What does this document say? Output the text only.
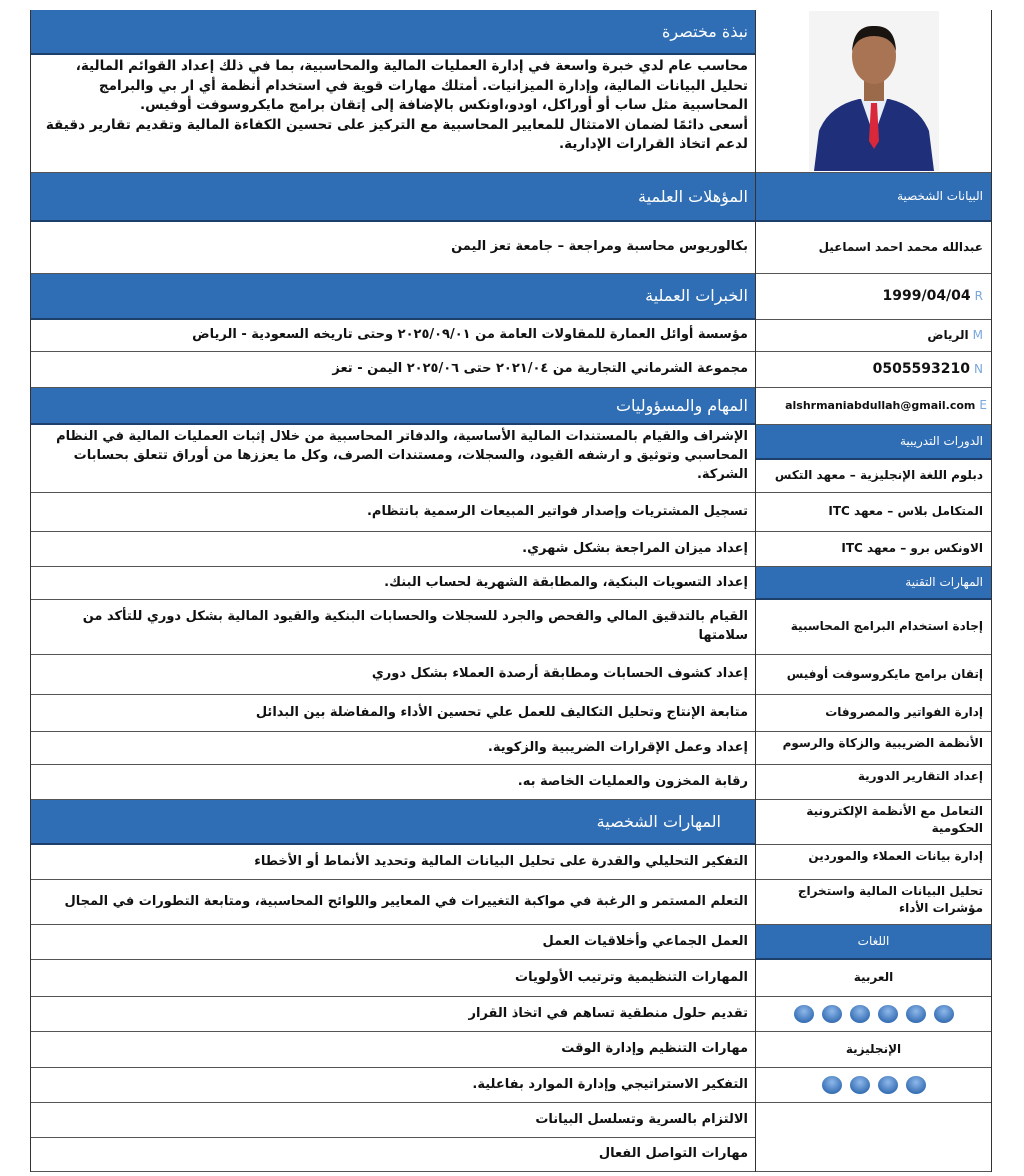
نبذة مختصرة
محاسب عام لدي خبرة واسعة في إدارة العمليات المالية والمحاسبية، بما في ذلك إعداد القوائم المالية، تحليل البيانات المالية، وإدارة الميزانيات. أمتلك مهارات قوية في استخدام أنظمة أي ار بي والبرامج المحاسبية مثل ساب أو أوراكل، اودو،اونكس بالإضافة إلى إتقان برامج مايكروسوفت أوفيس.
أسعى دائمًا لضمان الامتثال للمعايير المحاسبية مع التركيز على تحسين الكفاءة المالية وتقديم تقارير دقيقة لدعم اتخاذ القرارات الإدارية.
المؤهلات العلمية
بكالوريوس محاسبة ومراجعة – جامعة تعز اليمن
الخبرات العملية
مؤسسة أوائل العمارة للمقاولات العامة من ٢٠٢٥/٠٩/٠١ وحتى تاريخه السعودية - الرياض
مجموعة الشرماني التجارية من ٢٠٢١/٠٤ حتى ٢٠٢٥/٠٦ اليمن - تعز
المهام والمسؤوليات
الإشراف والقيام بالمستندات المالية الأساسية، والدفاتر المحاسبية من خلال إثبات العمليات المالية في النظام المحاسبي وتوثيق و ارشفه القيود، والسجلات، ومستندات الصرف، وكل ما يعززها من أوراق تتعلق بحسابات الشركة.
تسجيل المشتريات وإصدار فواتير المبيعات الرسمية بانتظام.
إعداد ميزان المراجعة بشكل شهري.
إعداد التسويات البنكية، والمطابقة الشهرية لحساب البنك.
القيام بالتدقيق المالي والفحص والجرد للسجلات والحسابات البنكية والقيود المالية بشكل دوري للتأكد من سلامتها
إعداد كشوف الحسابات ومطابقة أرصدة العملاء بشكل دوري
متابعة الإنتاج وتحليل التكاليف للعمل علي تحسين الأداء والمفاضلة بين البدائل
إعداد وعمل الإقرارات الضريبية والزكوية.
رقابة المخزون والعمليات الخاصة به.
المهارات الشخصية
التفكير التحليلي والقدرة على تحليل البيانات المالية وتحديد الأنماط أو الأخطاء
التعلم المستمر و الرغبة في مواكبة التغييرات في المعايير واللوائح المحاسبية، ومتابعة التطورات في المجال
العمل الجماعي وأخلاقيات العمل
المهارات التنظيمية وترتيب الأولويات
تقديم حلول منطقية تساهم في اتخاذ القرار
مهارات التنظيم وإدارة الوقت
التفكير الاستراتيجي وإدارة الموارد بفاعلية.
الالتزام بالسرية وتسلسل البيانات
مهارات التواصل الفعال
البيانات الشخصية
عبدالله محمد احمد اسماعيل
R
1999/04/04
M
الرياض
N
0505593210
E
alshrmaniabdullah@gmail.com
الدورات التدريبية
دبلوم اللغة الإنجليزية – معهد التكس
المتكامل بلاس – معهد ITC
الاونكس برو – معهد ITC
المهارات التقنية
إجادة استخدام البرامج المحاسبية
إتقان برامج مايكروسوفت أوفيس
إدارة الفواتير والمصروفات
الأنظمة الضريبية والزكاة والرسوم
إعداد التقارير الدورية
التعامل مع الأنظمة الإلكترونية الحكومية
إدارة بيانات العملاء والموردين
تحليل البيانات المالية واستخراج مؤشرات الأداء
اللغات
العربية
الإنجليزية
